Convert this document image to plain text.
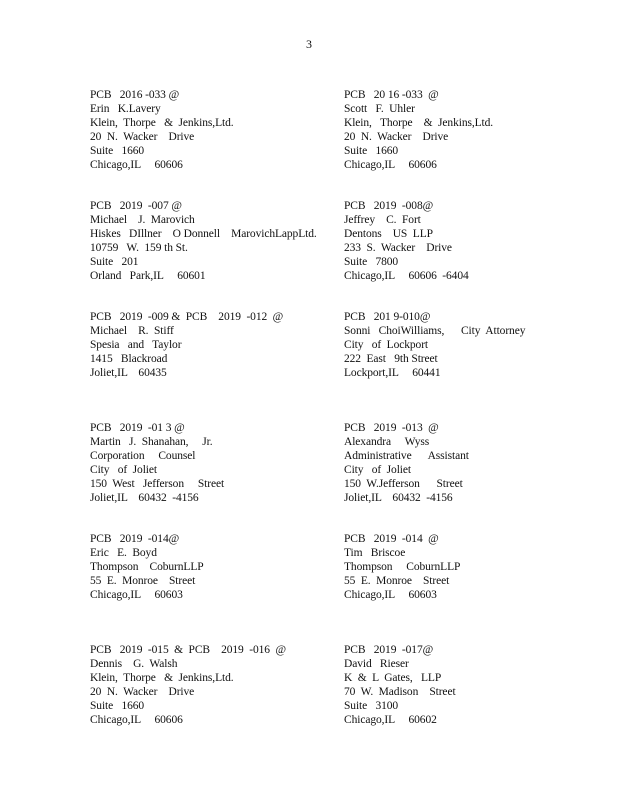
3
PCB   2016 -033 @
Erin   K.Lavery
Klein,  Thorpe   &  Jenkins,Ltd.
20  N.  Wacker    Drive
Suite   1660
Chicago,IL     60606
PCB   2019  -007 @
Michael    J.  Marovich
Hiskes   DIllner    O Donnell    MarovichLappLtd.
10759   W.  159 th St.
Suite   201
Orland   Park,IL     60601
PCB   2019  -009 &  PCB    2019  -012  @
Michael    R.  Stiff
Spesia   and   Taylor
1415   Blackroad
Joliet,IL    60435
PCB   2019  -01 3 @
Martin   J.  Shanahan,     Jr.
Corporation     Counsel
City   of  Joliet
150  West   Jefferson     Street
Joliet,IL    60432  -4156
PCB   2019  -014@
Eric   E.  Boyd
Thompson    CoburnLLP
55  E.  Monroe    Street
Chicago,IL     60603
PCB   2019  -015  &  PCB    2019  -016  @
Dennis    G.  Walsh
Klein,  Thorpe   &  Jenkins,Ltd.
20  N.  Wacker    Drive
Suite   1660
Chicago,IL     60606
PCB   20 16 -033  @
Scott   F.  Uhler
Klein,   Thorpe    &  Jenkins,Ltd.
20  N.  Wacker    Drive
Suite   1660
Chicago,IL     60606
PCB   2019  -008@
Jeffrey    C.  Fort
Dentons    US  LLP
233  S.  Wacker    Drive
Suite   7800
Chicago,IL     60606  -6404
PCB   201 9-010@
Sonni   ChoiWilliams,      City  Attorney
City   of  Lockport
222  East   9th Street
Lockport,IL     60441
PCB   2019  -013  @
Alexandra     Wyss
Administrative      Assistant
City   of  Joliet
150  W.Jefferson      Street
Joliet,IL    60432  -4156
PCB   2019  -014  @
Tim   Briscoe
Thompson     CoburnLLP
55  E.  Monroe    Street
Chicago,IL     60603
PCB   2019  -017@
David   Rieser
K  &  L  Gates,   LLP
70  W.  Madison    Street
Suite   3100
Chicago,IL     60602
